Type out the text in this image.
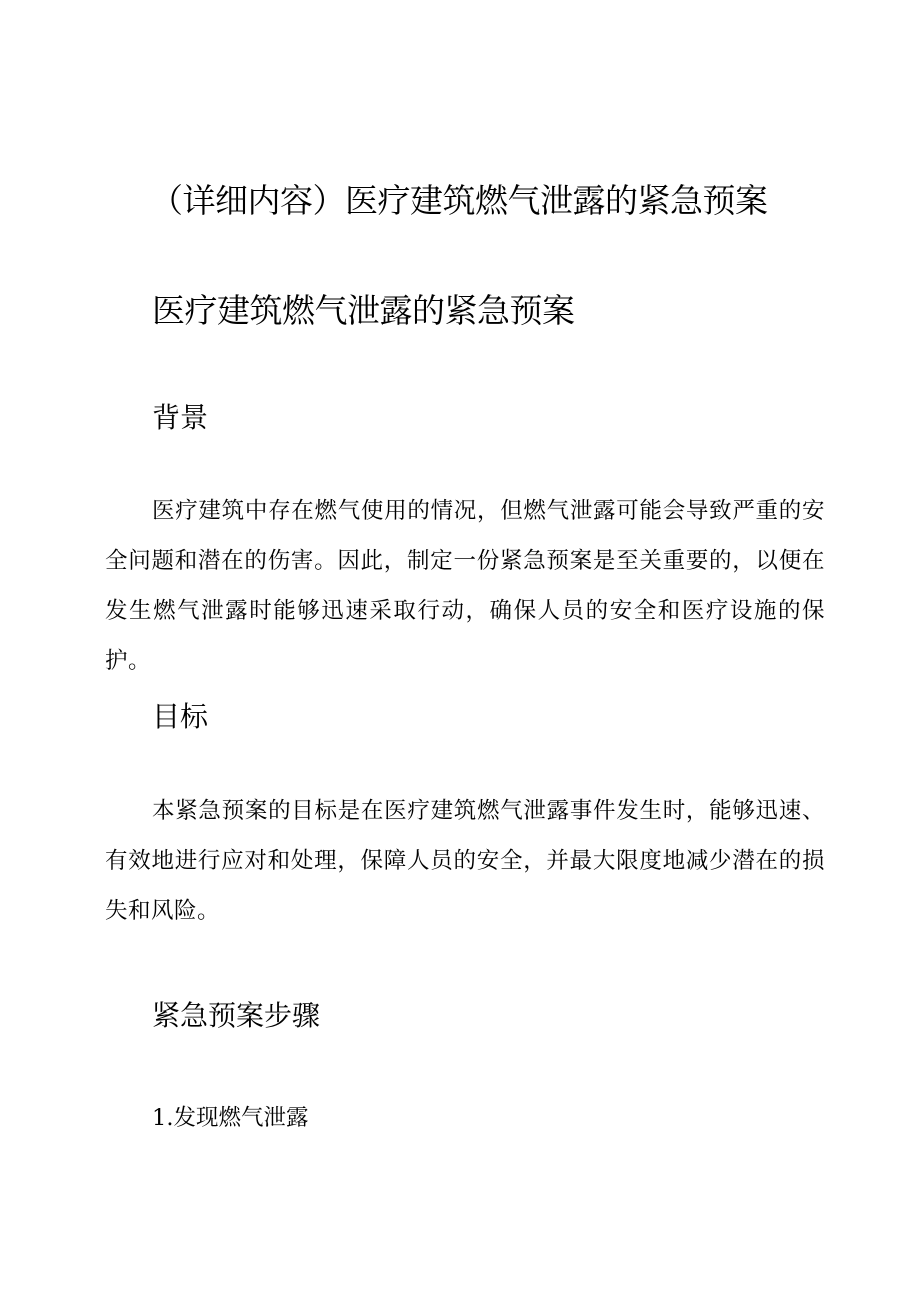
（详细内容）医疗建筑燃气泄露的紧急预案
医疗建筑燃气泄露的紧急预案
背景

医疗建筑中存在燃气使用的情况，但燃气泄露可能会导致严重的安全问题和潜在的伤害。因此，制定一份紧急预案是至关重要的，以便在发生燃气泄露时能够迅速采取行动，确保人员的安全和医疗设施的保护。

目标

本紧急预案的目标是在医疗建筑燃气泄露事件发生时，能够迅速、有效地进行应对和处理，保障人员的安全，并最大限度地减少潜在的损失和风险。

紧急预案步骤

1.发现燃气泄露
